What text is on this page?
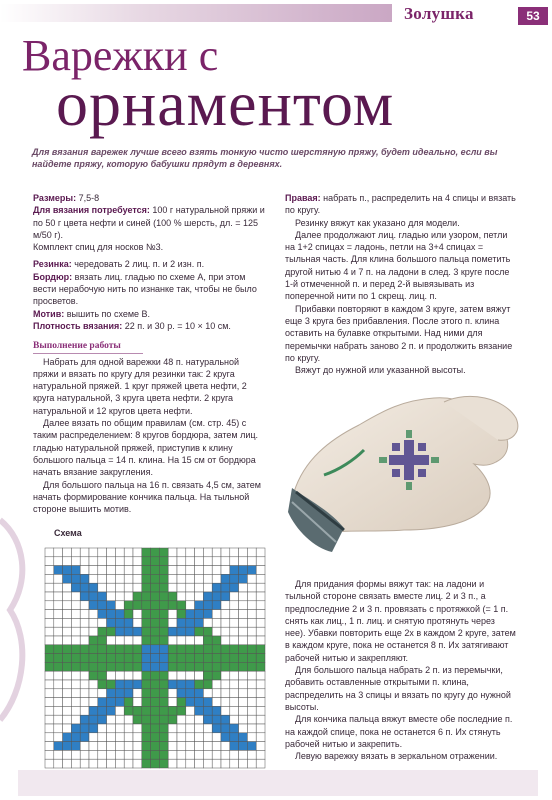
Золушка	53
Варежки с
орнаментом
Для вязания варежек лучше всего взять тонкую чисто шерстяную пряжу, будет идеально, если вы найдете пряжу, которую бабушки прядут в деревнях.

Размеры: 7,5-8

Для вязания потребуется: 100 г натуральной пряжи и по 50 г цвета нефти и синей (100 % шерсть, дл. = 125 м/50 г).

Комплект спиц для носков №3.

Резинка: чередовать 2 лиц. п. и 2 изн. п.

Бордюр: вязать лиц. гладью по схеме А, при этом вести нерабочую нить по изнанке так, чтобы не было просветов.

Мотив: вышить по схеме В.

Плотность вязания: 22 п. и 30 р. = 10 × 10 см.

Выполнение работы

Набрать для одной варежки 48 п. натуральной пряжи и вязать по кругу для резинки так: 2 круга натуральной пряжей. 1 круг пряжей цвета нефти, 2 круга натуральной, 3 круга цвета нефти. 2 круга натуральной и 12 кругов цвета нефти.

Далее вязать по общим правилам (см. стр. 45) с таким распределением: 8 кругов бордюра, затем лиц. гладью натуральной пряжей, приступив к клину большого пальца = 14 п. клина. На 15 см от бордюра начать вязание закругления.

Для большого пальца на 16 п. связать 4,5 см, затем начать формирование кончика пальца. На тыльной стороне вышить мотив.

Правая: набрать п., распределить на 4 спицы и вязать по кругу.

Резинку вяжут как указано для модели.

Далее продолжают лиц. гладью или узором, петли на 1+2 спицах = ладонь, петли на 3+4 спицах = тыльная часть. Для клина большого пальца пометить другой нитью 4 и 7 п. на ладони в след. 3 круге после 1-й отмеченной п. и перед 2-й вывязывать из поперечной нити по 1 скрещ. лиц. п.

Прибавки повторяют в каждом 3 круге, затем вяжут еще 3 круга без прибавления. После этого п. клина оставить на булавке открытыми. Над ними для перемычки набрать заново 2 п. и продолжить вязание по кругу.

Вяжут до нужной или указанной высоты.

Для придания формы вяжут так: на ладони и тыльной стороне связать вместе лиц. 2 и 3 п., а предпоследние 2 и 3 п. провязать с протяжкой (= 1 п. снять как лиц., 1 п. лиц. и снятую протянуть через нее). Убавки повторить еще 2х в каждом 2 круге, затем в каждом круге, пока не останется 8 п. Их затягивают рабочей нитью и закрепляют.

Для большого пальца набрать 2 п. из перемычки, добавить оставленные открытыми п. клина, распределить на 3 спицы и вязать по кругу до нужной высоты.

Для кончика пальца вяжут вместе обе последние п. на каждой спице, пока не останется 6 п. Их стянуть рабочей нитью и закрепить.

Левую варежку вязать в зеркальном отражении.

Схема
